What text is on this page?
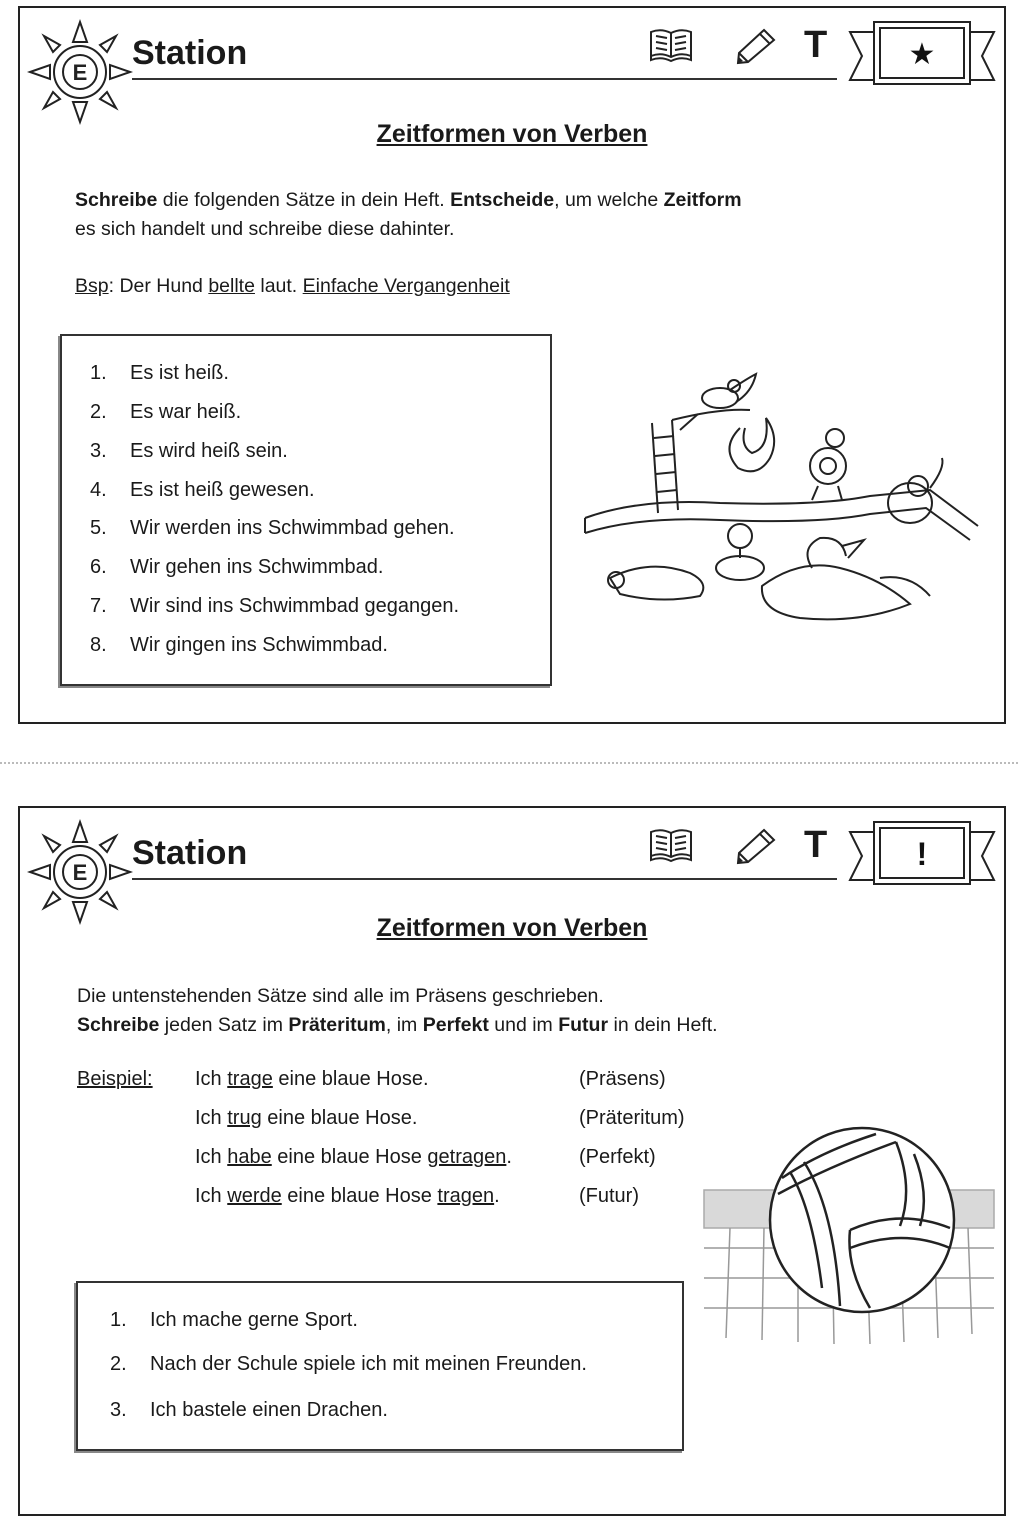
E
Station	T	★
Zeitformen von Verben
Schreibe die folgenden Sätze in dein Heft. Entscheide, um welche Zeitform
es sich handelt und schreibe diese dahinter.
Bsp: Der Hund bellte laut. Einfache Vergangenheit
1. Es ist heiß.
2. Es war heiß.
3. Es wird heiß sein.
4. Es ist heiß gewesen.
5. Wir werden ins Schwimmbad gehen.
6. Wir gehen ins Schwimmbad.
7. Wir sind ins Schwimmbad gegangen.
8. Wir gingen ins Schwimmbad.
E
Station	T	!
Zeitformen von Verben
Die untenstehenden Sätze sind alle im Präsens geschrieben.
Schreibe jeden Satz im Präteritum, im Perfekt und im Futur in dein Heft.
Beispiel: Ich trage eine blaue Hose.	(Präsens)
Ich trug eine blaue Hose.	(Präteritum)
Ich habe eine blaue Hose getragen.	(Perfekt)
Ich werde eine blaue Hose tragen.	(Futur)
1. Ich mache gerne Sport.
2. Nach der Schule spiele ich mit meinen Freunden.
3. Ich bastele einen Drachen.
